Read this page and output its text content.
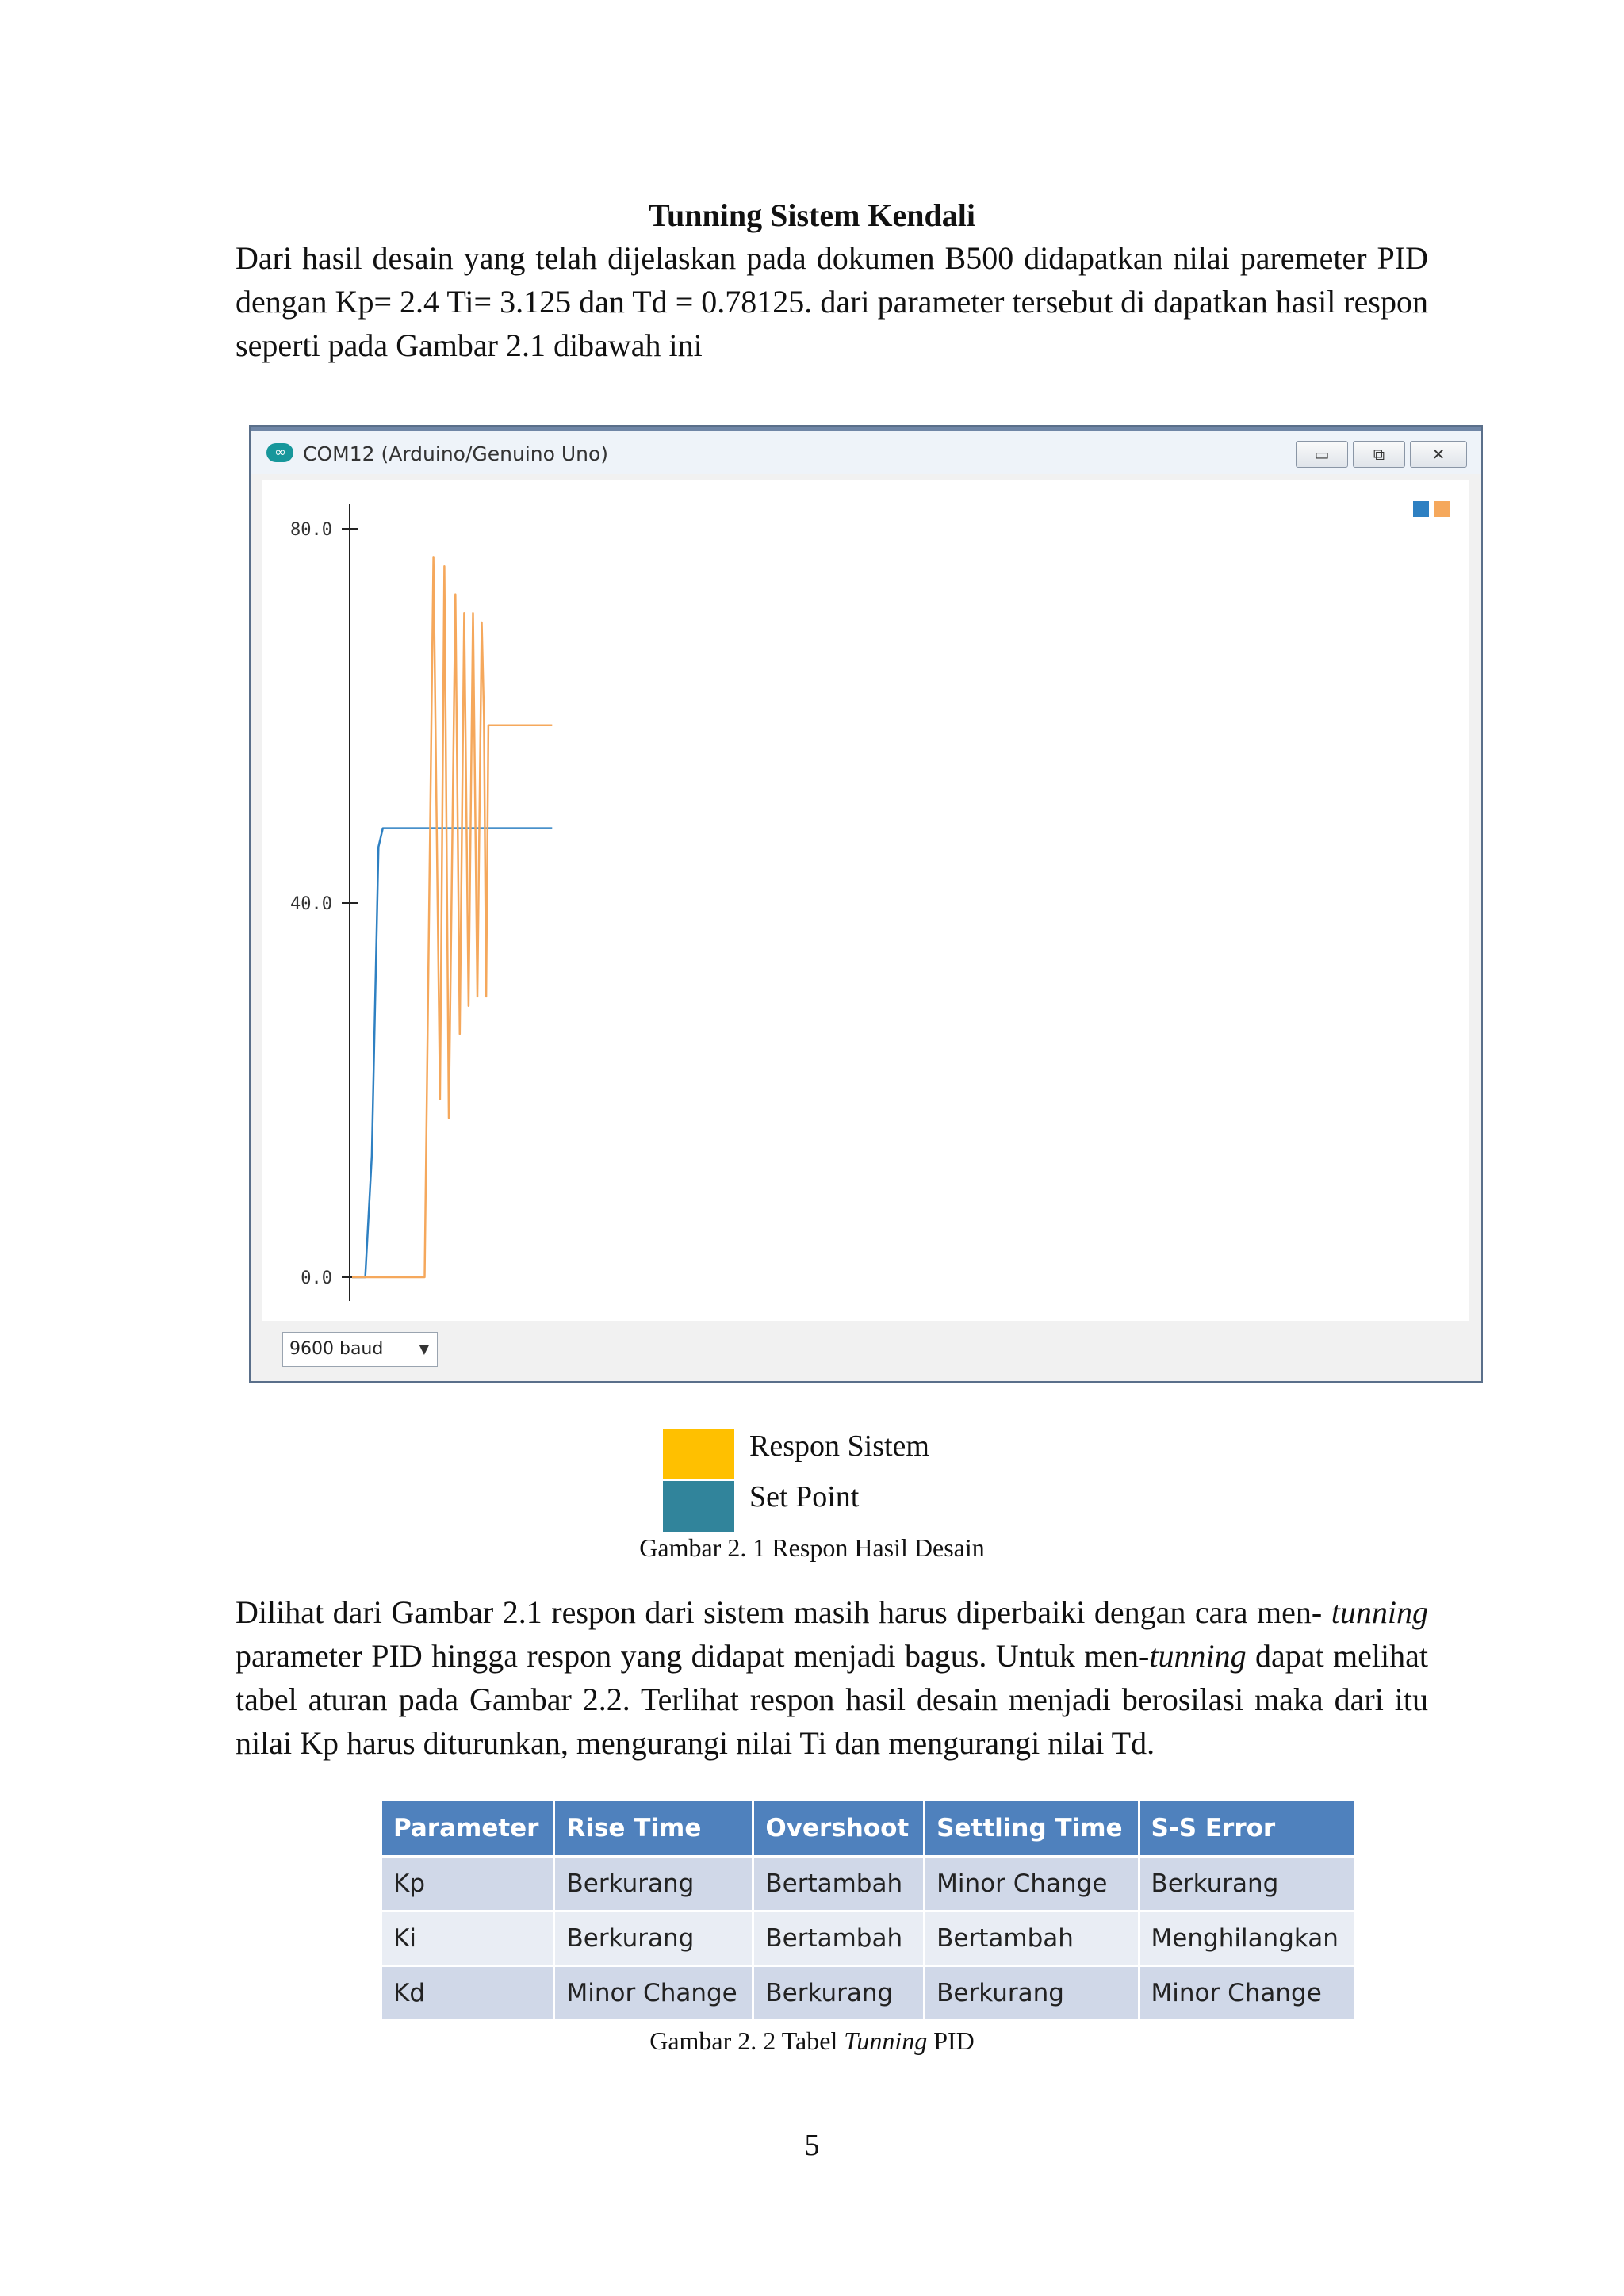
Tunning Sistem Kendali

Dari hasil desain yang telah dijelaskan pada dokumen B500 didapatkan nilai paremeter PID dengan Kp= 2.4 Ti= 3.125 dan Td = 0.78125. dari parameter tersebut di dapatkan hasil respon seperti pada Gambar 2.1 dibawah ini

∞ COM12 (Arduino/Genuino Uno)	▭	⧉	✕
80.0
40.0
0.0
9600 baud	▼
Respon Sistem
Set Point
Gambar 2. 1 Respon Hasil Desain

Dilihat dari Gambar 2.1 respon dari sistem masih harus diperbaiki dengan cara men- tunning parameter PID hingga respon yang didapat menjadi bagus. Untuk men-tunning dapat melihat tabel aturan pada Gambar 2.2. Terlihat respon hasil desain menjadi berosilasi maka dari itu nilai Kp harus diturunkan, mengurangi nilai Ti dan mengurangi nilai Td.

Parameter	Rise Time	Overshoot	Settling Time	S-S Error
Kp	Berkurang	Bertambah	Minor Change	Berkurang
Ki	Berkurang	Bertambah	Bertambah	Menghilangkan
Kd	Minor Change	Berkurang	Berkurang	Minor Change
Gambar 2. 2 Tabel Tunning PID
5
